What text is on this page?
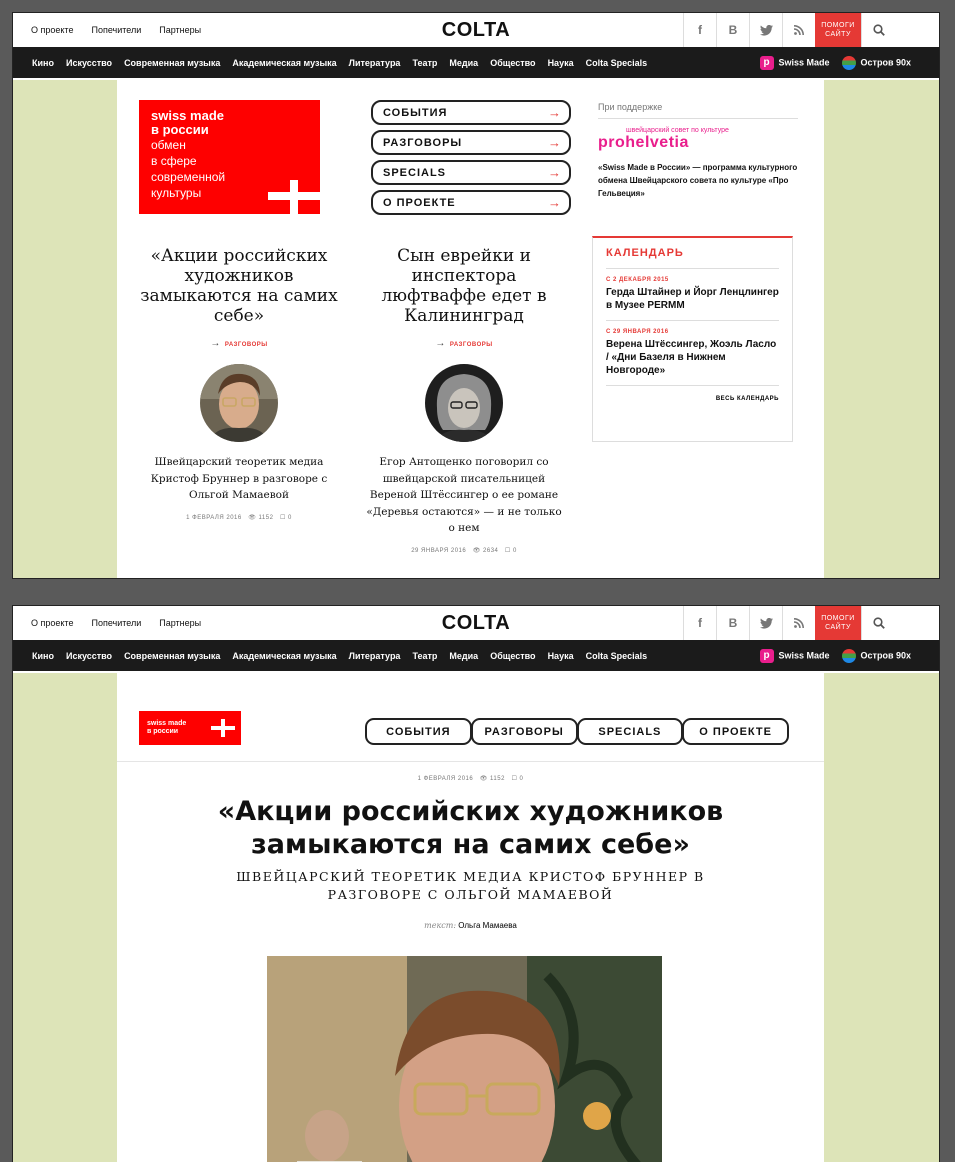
О проекте Попечители Партнеры	COLTA	f	B	ПОМОГИ
САЙТУ
Кино Искусство Современная музыка Академическая музыка Литература Театр Медиа Общество Наука Colta Specials	p Swiss Made	Остров 90х
swiss made
в россии
обмен
в сфере
современной
культуры
СОБЫТИЯ	→
РАЗГОВОРЫ	→
SPECIALS	→
О ПРОЕКТЕ	→
При поддержке
швейцарский совет по культуре
prohelvetia
«Swiss Made в России» — программа культурного обмена Швейцарского совета по культуре «Про Гельвеция»
КАЛЕНДАРЬ
С 2 ДЕКАБРЯ 2015
Герда Штайнер и Йорг Ленцлингер в Музее PERMM
С 29 ЯНВАРЯ 2016
Верена Штёссингер, Жоэль Ласло / «Дни Базеля в Нижнем Новгороде»
ВЕСЬ КАЛЕНДАРЬ
«Акции российских художников замыкаются на самих себе»
→ РАЗГОВОРЫ
Швейцарский теоретик медиа Кристоф Бруннер в разговоре с Ольгой Мамаевой
1 ФЕВРАЛЯ 2016 👁 1152 ☐ 0
Сын еврейки и инспектора люфтваффе едет в Калининград
→ РАЗГОВОРЫ
Егор Антощенко поговорил со швейцарской писательницей Вереной Штёссингер о ее романе «Деревья остаются» — и не только о нем
29 ЯНВАРЯ 2016 👁 2634 ☐ 0
О проекте Попечители Партнеры	COLTA	f	B	ПОМОГИ
САЙТУ
Кино Искусство Современная музыка Академическая музыка Литература Театр Медиа Общество Наука Colta Specials	p Swiss Made	Остров 90х
swiss made
в россии	СОБЫТИЯ	РАЗГОВОРЫ	SPECIALS	О ПРОЕКТЕ
1 ФЕВРАЛЯ 2016 👁 1152 ☐ 0
«Акции российских художников замыкаются на самих себе»
ШВЕЙЦАРСКИЙ ТЕОРЕТИК МЕДИА КРИСТОФ БРУННЕР В РАЗГОВОРЕ С ОЛЬГОЙ МАМАЕВОЙ
текст: Ольга Мамаева
